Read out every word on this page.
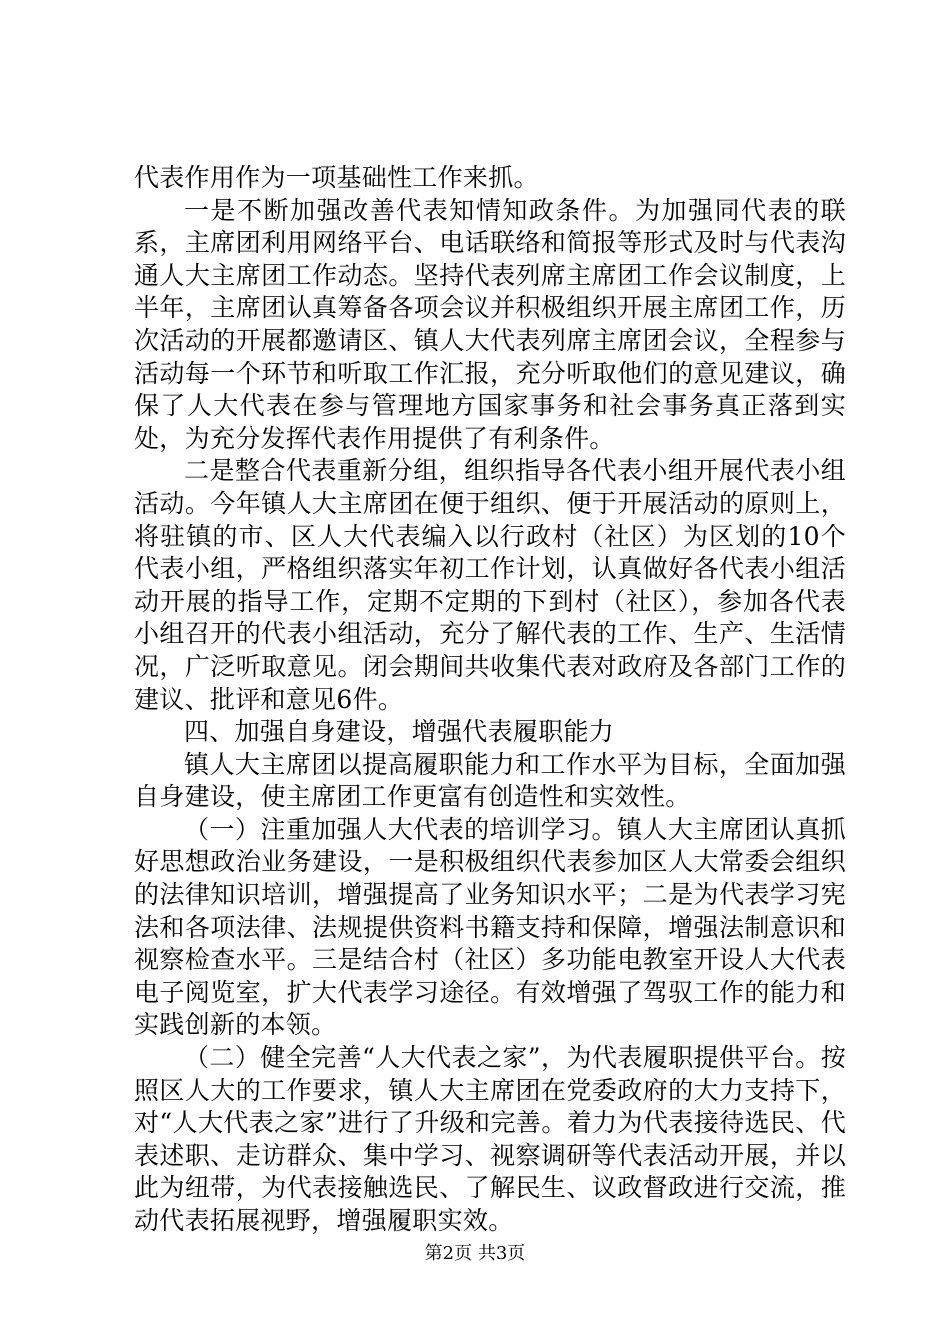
代表作用作为一项基础性工作来抓。

一是不断加强改善代表知情知政条件。为加强同代表的联系，主席团利用网络平台、电话联络和简报等形式及时与代表沟通人大主席团工作动态。坚持代表列席主席团工作会议制度，上半年，主席团认真筹备各项会议并积极组织开展主席团工作，历次活动的开展都邀请区、镇人大代表列席主席团会议，全程参与活动每一个环节和听取工作汇报，充分听取他们的意见建议，确保了人大代表在参与管理地方国家事务和社会事务真正落到实处，为充分发挥代表作用提供了有利条件。

二是整合代表重新分组，组织指导各代表小组开展代表小组活动。今年镇人大主席团在便于组织、便于开展活动的原则上，将驻镇的市、区人大代表编入以行政村（社区）为区划的10个代表小组，严格组织落实年初工作计划，认真做好各代表小组活动开展的指导工作，定期不定期的下到村（社区），参加各代表小组召开的代表小组活动，充分了解代表的工作、生产、生活情况，广泛听取意见。闭会期间共收集代表对政府及各部门工作的建议、批评和意见6件。

四、加强自身建设，增强代表履职能力

镇人大主席团以提高履职能力和工作水平为目标，全面加强自身建设，使主席团工作更富有创造性和实效性。

（一）注重加强人大代表的培训学习。镇人大主席团认真抓好思想政治业务建设，一是积极组织代表参加区人大常委会组织的法律知识培训，增强提高了业务知识水平；二是为代表学习宪法和各项法律、法规提供资料书籍支持和保障，增强法制意识和视察检查水平。三是结合村（社区）多功能电教室开设人大代表电子阅览室，扩大代表学习途径。有效增强了驾驭工作的能力和实践创新的本领。

（二）健全完善“人大代表之家”，为代表履职提供平台。按照区人大的工作要求，镇人大主席团在党委政府的大力支持下，对“人大代表之家”进行了升级和完善。着力为代表接待选民、代表述职、走访群众、集中学习、视察调研等代表活动开展，并以此为纽带，为代表接触选民、了解民生、议政督政进行交流，推动代表拓展视野，增强履职实效。

第2页 共3页
